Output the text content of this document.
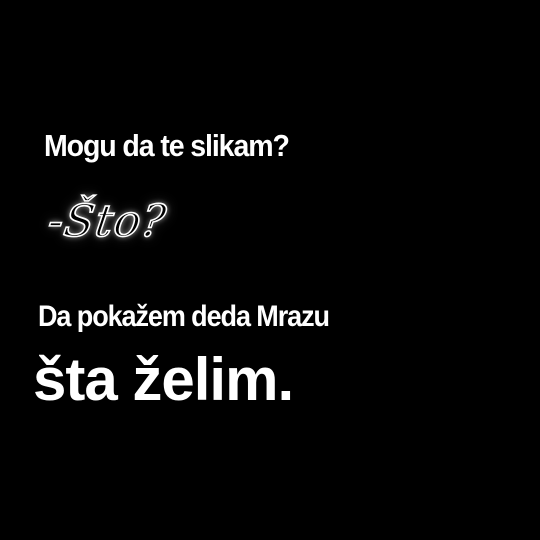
Mogu da te slikam?
-Što?
Da pokažem deda Mrazu
šta želim.
